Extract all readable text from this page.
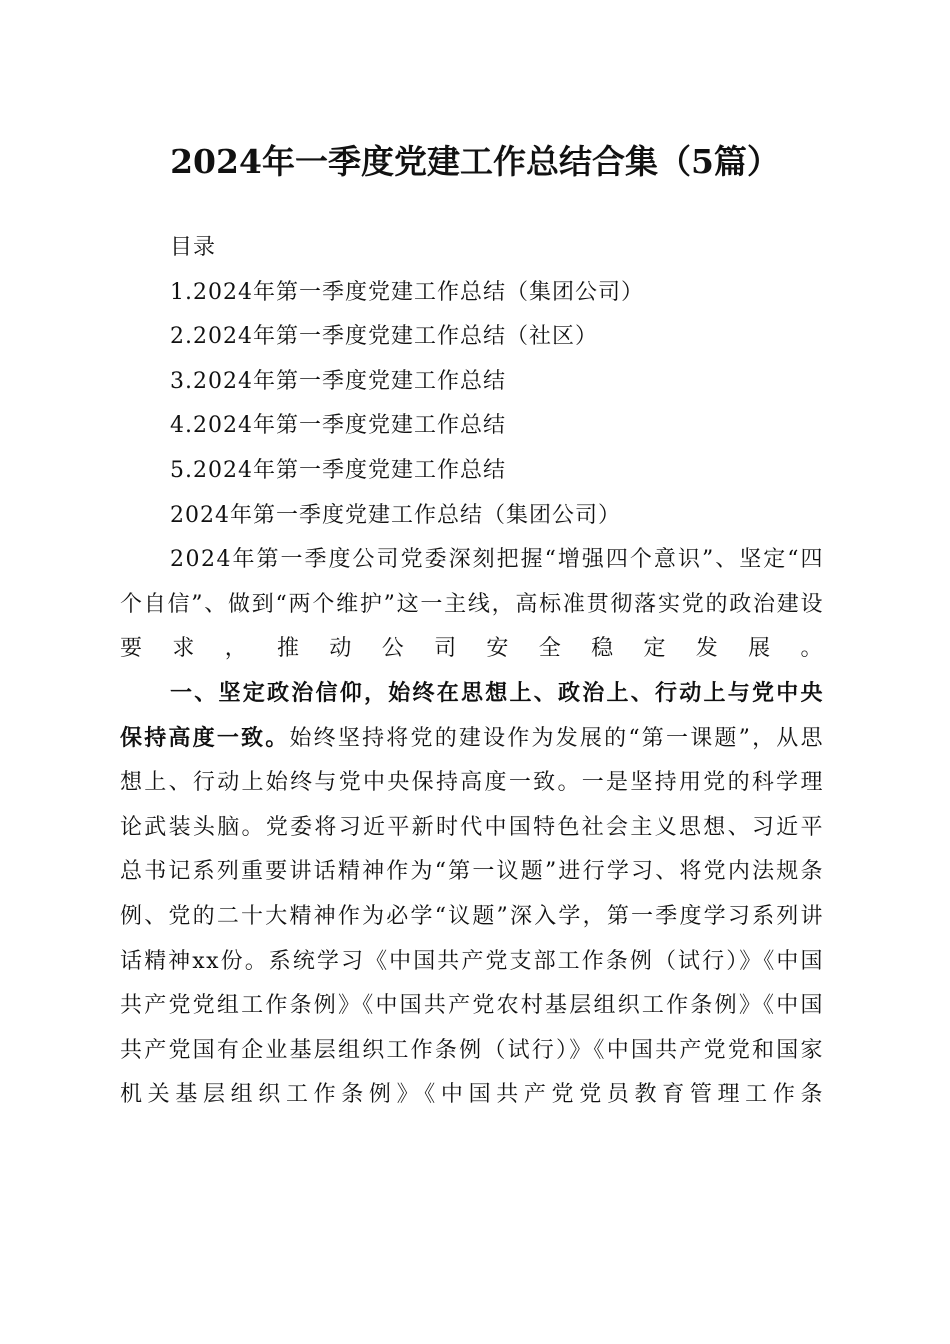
2024年一季度党建工作总结合集（5篇）
目录
1.2024年第一季度党建工作总结（集团公司）
2.2024年第一季度党建工作总结（社区）
3.2024年第一季度党建工作总结
4.2024年第一季度党建工作总结
5.2024年第一季度党建工作总结
2024年第一季度党建工作总结（集团公司）

2024年第一季度公司党委深刻把握“增强四个意识”、坚定“四个自信”、做到“两个维护”这一主线，高标准贯彻落实党的政治建设要求，推动公司安全稳定发展。

一、坚定政治信仰，始终在思想上、政治上、行动上与党中央保持高度一致。始终坚持将党的建设作为发展的“第一课题”，从思想上、行动上始终与党中央保持高度一致。一是坚持用党的科学理论武装头脑。党委将习近平新时代中国特色社会主义思想、习近平总书记系列重要讲话精神作为“第一议题”进行学习、将党内法规条例、党的二十大精神作为必学“议题”深入学，第一季度学习系列讲话精神xx份。系统学习《中国共产党支部工作条例（试行）》《中国共产党党组工作条例》《中国共产党农村基层组织工作条例》《中国共产党国有企业基层组织工作条例（试行）》《中国共产党党和国家机关基层组织工作条例》《中国共产党党员教育管理工作条
